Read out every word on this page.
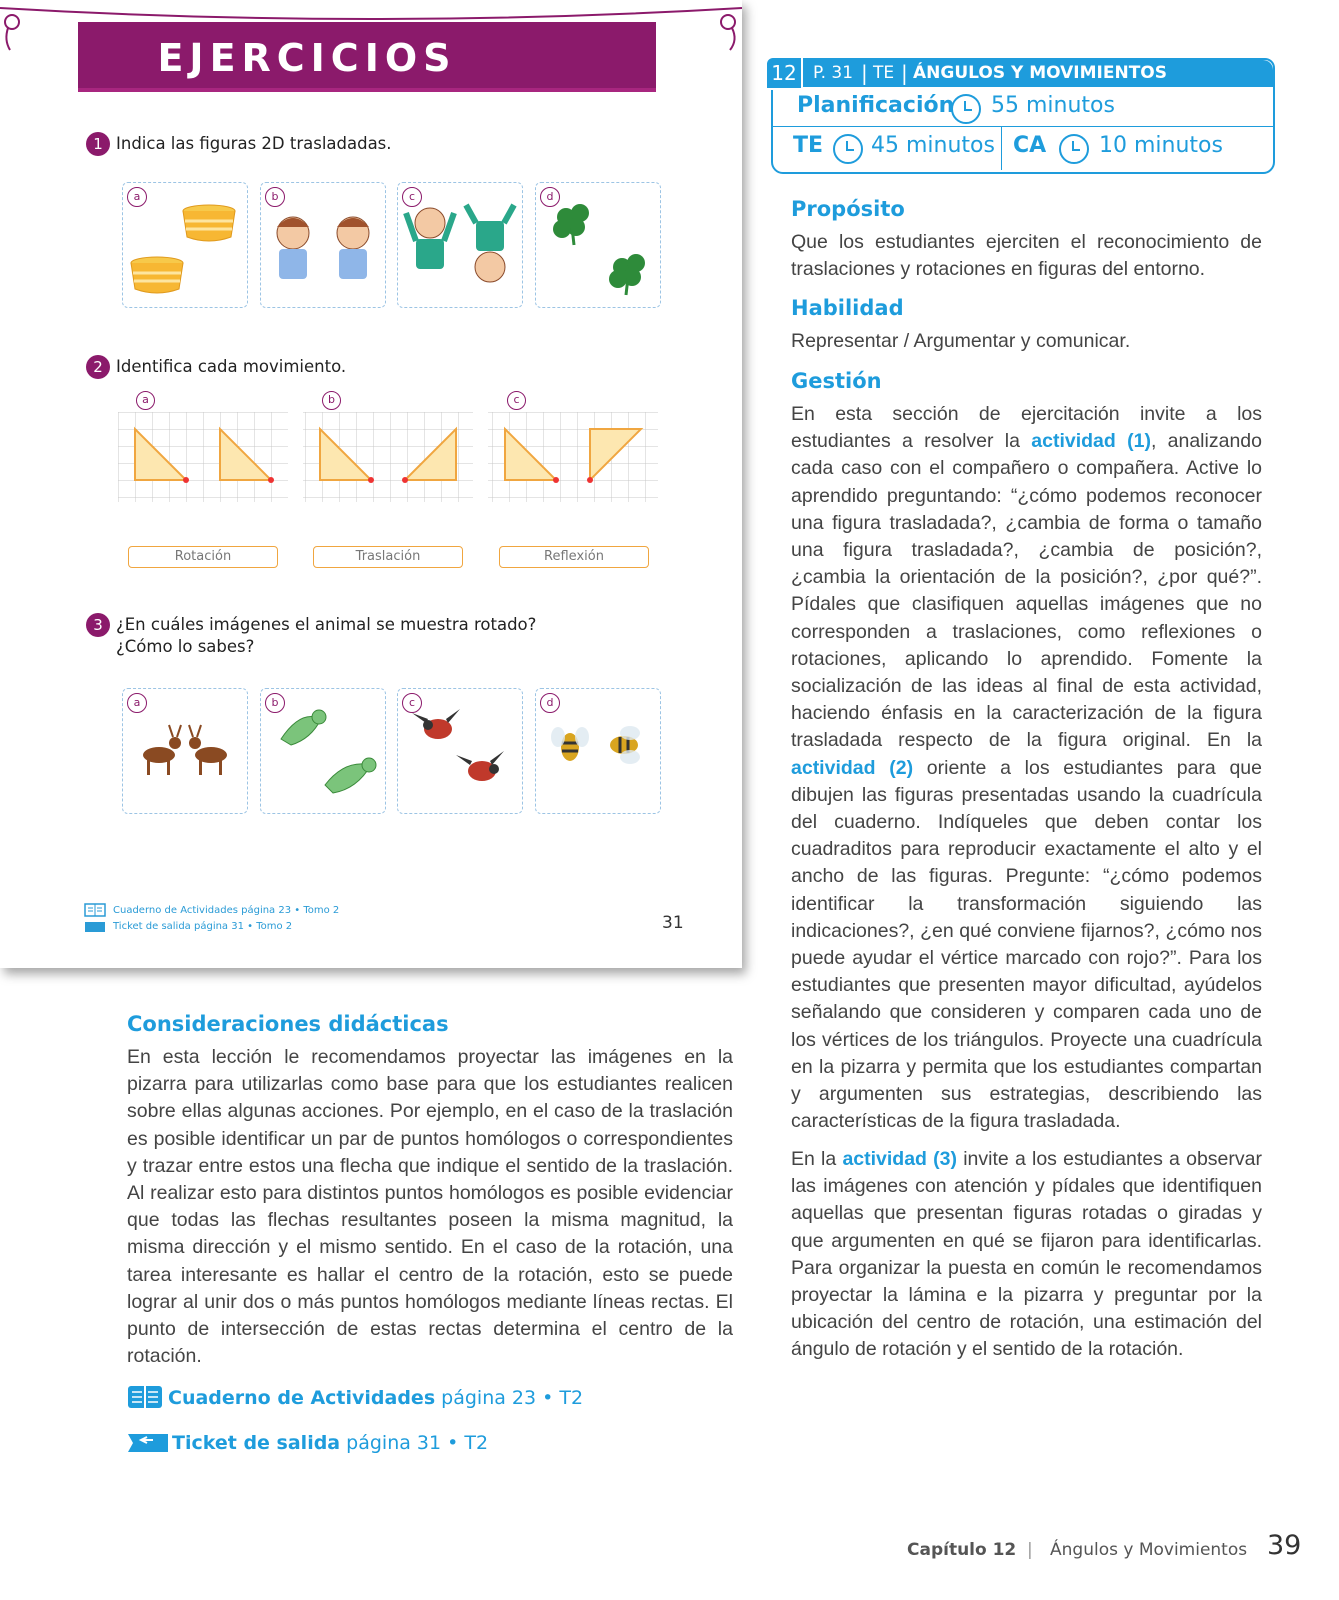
EJERCICIOS
1 Indica las figuras 2D trasladadas.
a	b	c	d
2 Identifica cada movimiento.
a	b	c
Rotación	Traslación	Reflexión
3 ¿En cuáles imágenes el animal se muestra rotado?
¿Cómo lo sabes?
a	b	c	d
Cuaderno de Actividades página 23 • Tomo 2
Ticket de salida página 31 • Tomo 2	31
Consideraciones didácticas
En esta lección le recomendamos proyectar las imágenes en la pizarra para utilizarlas como base para que los estudiantes realicen sobre ellas algunas acciones. Por ejemplo, en el caso de la traslación es posible identificar un par de puntos homólogos o correspondientes y trazar entre estos una flecha que indique el sentido de la traslación. Al realizar esto para distintos puntos homólogos es posible evidenciar que todas las flechas resultantes poseen la misma magnitud, la misma dirección y el mismo sentido. En el caso de la rotación, una tarea interesante es hallar el centro de la rotación, esto se puede lograr al unir dos o más puntos homólogos mediante líneas rectas. El punto de intersección de estas rectas determina el centro de la rotación.
Cuaderno de Actividades página 23 • T2
Ticket de salida página 31 • T2
P. 31 | TE | ÁNGULOS Y MOVIMIENTOS
Planificación 55 minutos
TE 45 minutos CA 10 minutos
12
Propósito
Que los estudiantes ejerciten el reconocimiento de traslaciones y rotaciones en figuras del entorno.
Habilidad
Representar / Argumentar y comunicar.
Gestión
En esta sección de ejercitación invite a los estudiantes a resolver la actividad (1), analizando cada caso con el compañero o compañera. Active lo aprendido preguntando: “¿cómo podemos reconocer una figura trasladada?, ¿cambia de forma o tamaño una figura trasladada?, ¿cambia de posición?, ¿cambia la orientación de la posición?, ¿por qué?”. Pídales que clasifiquen aquellas imágenes que no corresponden a traslaciones, como reflexiones o rotaciones, aplicando lo aprendido. Fomente la socialización de las ideas al final de esta actividad, haciendo énfasis en la caracterización de la figura trasladada respecto de la figura original. En la actividad (2) oriente a los estudiantes para que dibujen las figuras presentadas usando la cuadrícula del cuaderno. Indíqueles que deben contar los cuadraditos para reproducir exactamente el alto y el ancho de las figuras. Pregunte: “¿cómo podemos identificar la transformación siguiendo las indicaciones?, ¿en qué conviene fijarnos?, ¿cómo nos puede ayudar el vértice marcado con rojo?”. Para los estudiantes que presenten mayor dificultad, ayúdelos señalando que consideren y comparen cada uno de los vértices de los triángulos. Proyecte una cuadrícula en la pizarra y permita que los estudiantes compartan y argumenten sus estrategias, describiendo las características de la figura trasladada.
En la actividad (3) invite a los estudiantes a observar las imágenes con atención y pídales que identifiquen aquellas que presentan figuras rotadas o giradas y que argumenten en qué se fijaron para identificarlas. Para organizar la puesta en común le recomendamos proyectar la lámina e la pizarra y preguntar por la ubicación del centro de rotación, una estimación del ángulo de rotación y el sentido de la rotación.
Capítulo 12 | Ángulos y Movimientos 39
